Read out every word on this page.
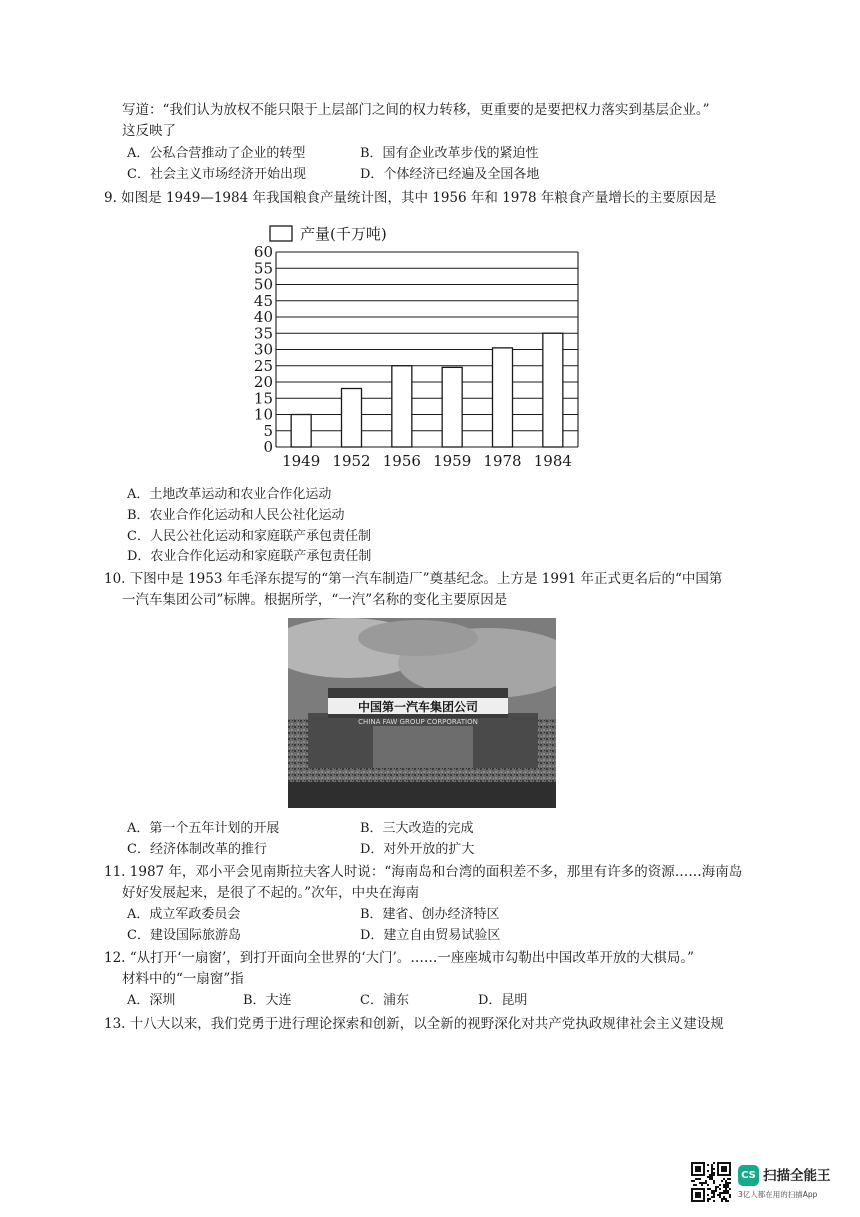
写道：“我们认为放权不能只限于上层部门之间的权力转移，更重要的是要把权力落实到基层企业。”
这反映了
A．公私合营推动了企业的转型	B．国有企业改革步伐的紧迫性
C．社会主义市场经济开始出现	D．个体经济已经遍及全国各地
9. 如图是 1949—1984 年我国粮食产量统计图，其中 1956 年和 1978 年粮食产量增长的主要原因是
产量(千万吨)
0
5
10
15
20
25
30
35
40
45
50
55
60
1949 1952 1956 1959 1978 1984
A．土地改革运动和农业合作化运动
B．农业合作化运动和人民公社化运动
C．人民公社化运动和家庭联产承包责任制
D．农业合作化运动和家庭联产承包责任制
10. 下图中是 1953 年毛泽东提写的“第一汽车制造厂”奠基纪念。上方是 1991 年正式更名后的“中国第
一汽车集团公司”标牌。根据所学，“一汽”名称的变化主要原因是
中国第一汽车集团公司
CHINA FAW GROUP CORPORATION
A．第一个五年计划的开展	B．三大改造的完成
C．经济体制改革的推行	D．对外开放的扩大
11. 1987 年，邓小平会见南斯拉夫客人时说：“海南岛和台湾的面积差不多，那里有许多的资源……海南岛
好好发展起来，是很了不起的。”次年，中央在海南
A．成立军政委员会	B．建省、创办经济特区
C．建设国际旅游岛	D．建立自由贸易试验区
12. “从打开‘一扇窗’，到打开面向全世界的‘大门’。……一座座城市勾勒出中国改革开放的大棋局。”
材料中的“一扇窗”指
A．深圳	B．大连	C．浦东	D．昆明
13. 十八大以来，我们党勇于进行理论探索和创新，以全新的视野深化对共产党执政规律社会主义建设规
CS 扫描全能王
3亿人都在用的扫描App
